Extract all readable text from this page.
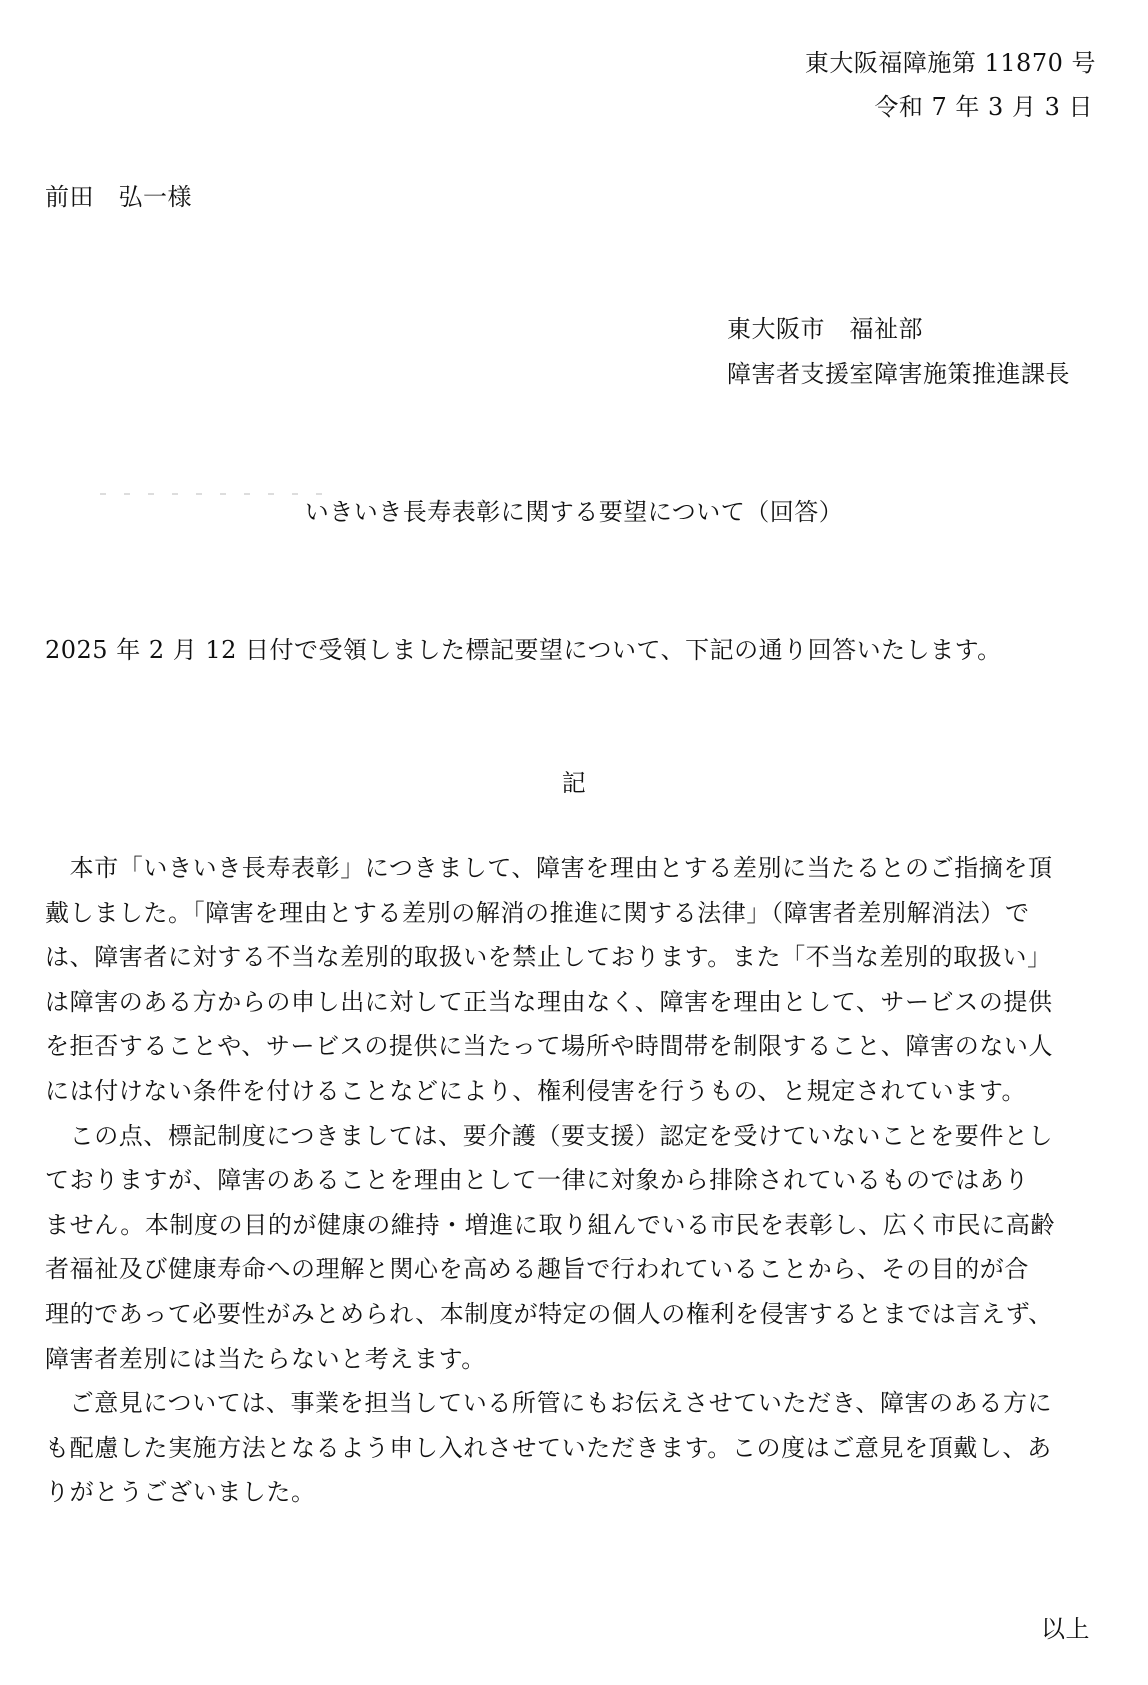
東大阪福障施第 11870 号
令和 7 年 3 月 3 日
前田　弘一様
東大阪市　福祉部
障害者支援室障害施策推進課長
いきいき長寿表彰に関する要望について（回答）
2025 年 2 月 12 日付で受領しました標記要望について、下記の通り回答いたします。
記
　本市「いきいき長寿表彰」につきまして、障害を理由とする差別に当たるとのご指摘を頂
戴しました。「障害を理由とする差別の解消の推進に関する法律」（障害者差別解消法）で
は、障害者に対する不当な差別的取扱いを禁止しております。また「不当な差別的取扱い」
は障害のある方からの申し出に対して正当な理由なく、障害を理由として、サービスの提供
を拒否することや、サービスの提供に当たって場所や時間帯を制限すること、障害のない人
には付けない条件を付けることなどにより、権利侵害を行うもの、と規定されています。
　この点、標記制度につきましては、要介護（要支援）認定を受けていないことを要件とし
ておりますが、障害のあることを理由として一律に対象から排除されているものではあり
ません。本制度の目的が健康の維持・増進に取り組んでいる市民を表彰し、広く市民に高齢
者福祉及び健康寿命への理解と関心を高める趣旨で行われていることから、その目的が合
理的であって必要性がみとめられ、本制度が特定の個人の権利を侵害するとまでは言えず、
障害者差別には当たらないと考えます。
　ご意見については、事業を担当している所管にもお伝えさせていただき、障害のある方に
も配慮した実施方法となるよう申し入れさせていただきます。この度はご意見を頂戴し、あ
りがとうございました。
以上
